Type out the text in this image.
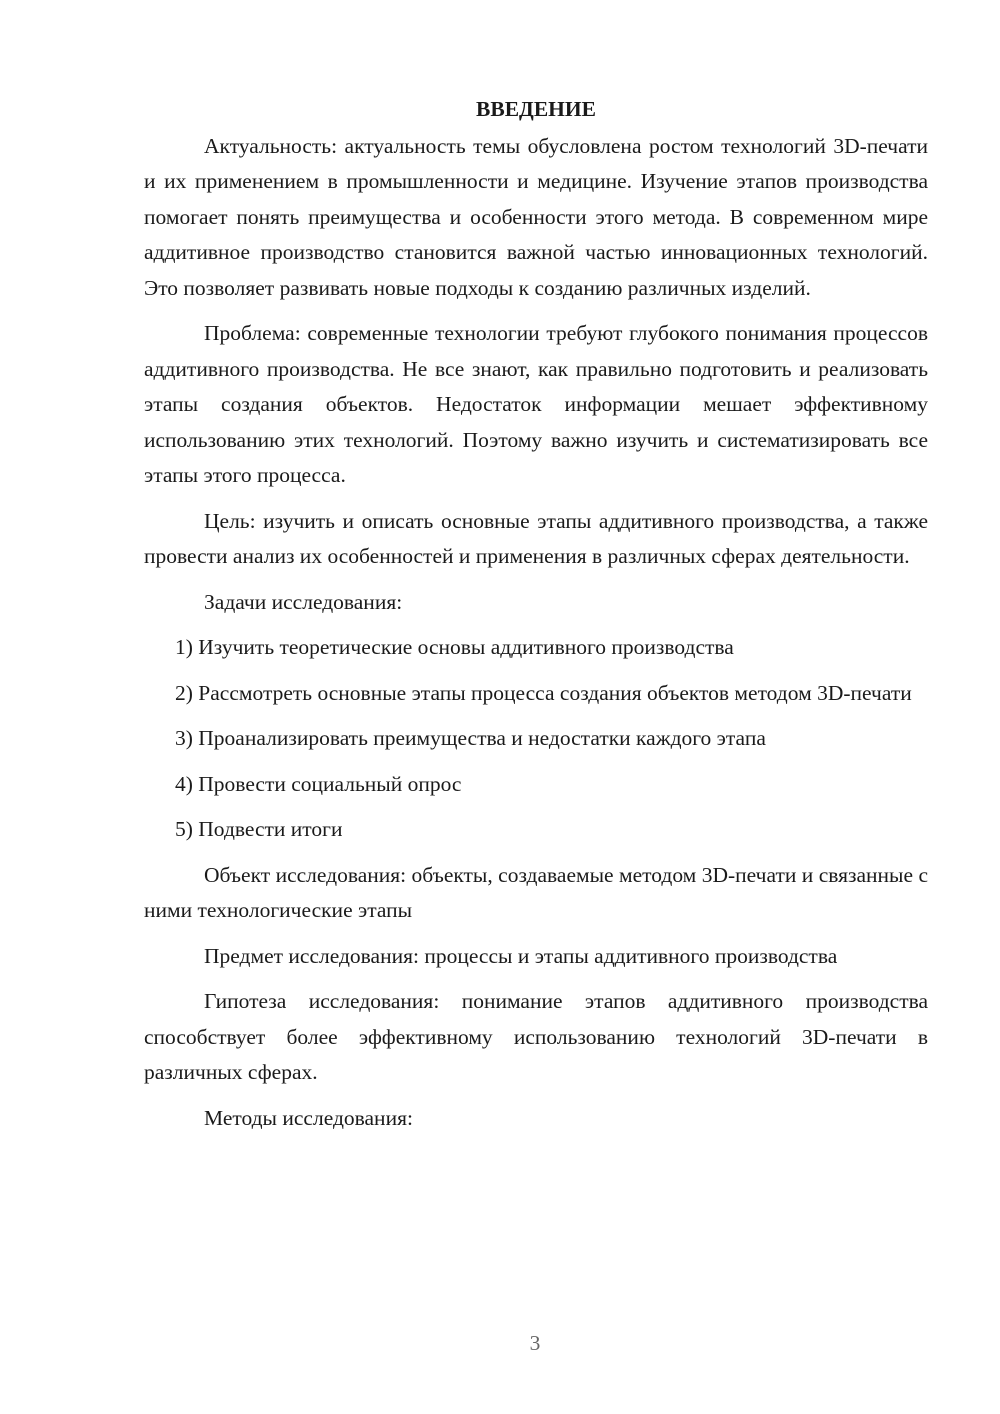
ВВЕДЕНИЕ

Актуальность: актуальность темы обусловлена ростом технологий 3D-печати и их применением в промышленности и медицине. Изучение этапов производства помогает понять преимущества и особенности этого метода. В современном мире аддитивное производство становится важной частью инновационных технологий. Это позволяет развивать новые подходы к созданию различных изделий.

Проблема: современные технологии требуют глубокого понимания процессов аддитивного производства. Не все знают, как правильно подготовить и реализовать этапы создания объектов. Недостаток информации мешает эффективному использованию этих технологий. Поэтому важно изучить и систематизировать все этапы этого процесса.

Цель: изучить и описать основные этапы аддитивного производства, а также провести анализ их особенностей и применения в различных сферах деятельности.

Задачи исследования:

1) Изучить теоретические основы аддитивного производства

2) Рассмотреть основные этапы процесса создания объектов методом 3D-печати

3) Проанализировать преимущества и недостатки каждого этапа

4) Провести социальный опрос

5) Подвести итоги

Объект исследования: объекты, создаваемые методом 3D-печати и связанные с ними технологические этапы

Предмет исследования: процессы и этапы аддитивного производства

Гипотеза исследования: понимание этапов аддитивного производства способствует более эффективному использованию технологий 3D-печати в различных сферах.

Методы исследования:

3
